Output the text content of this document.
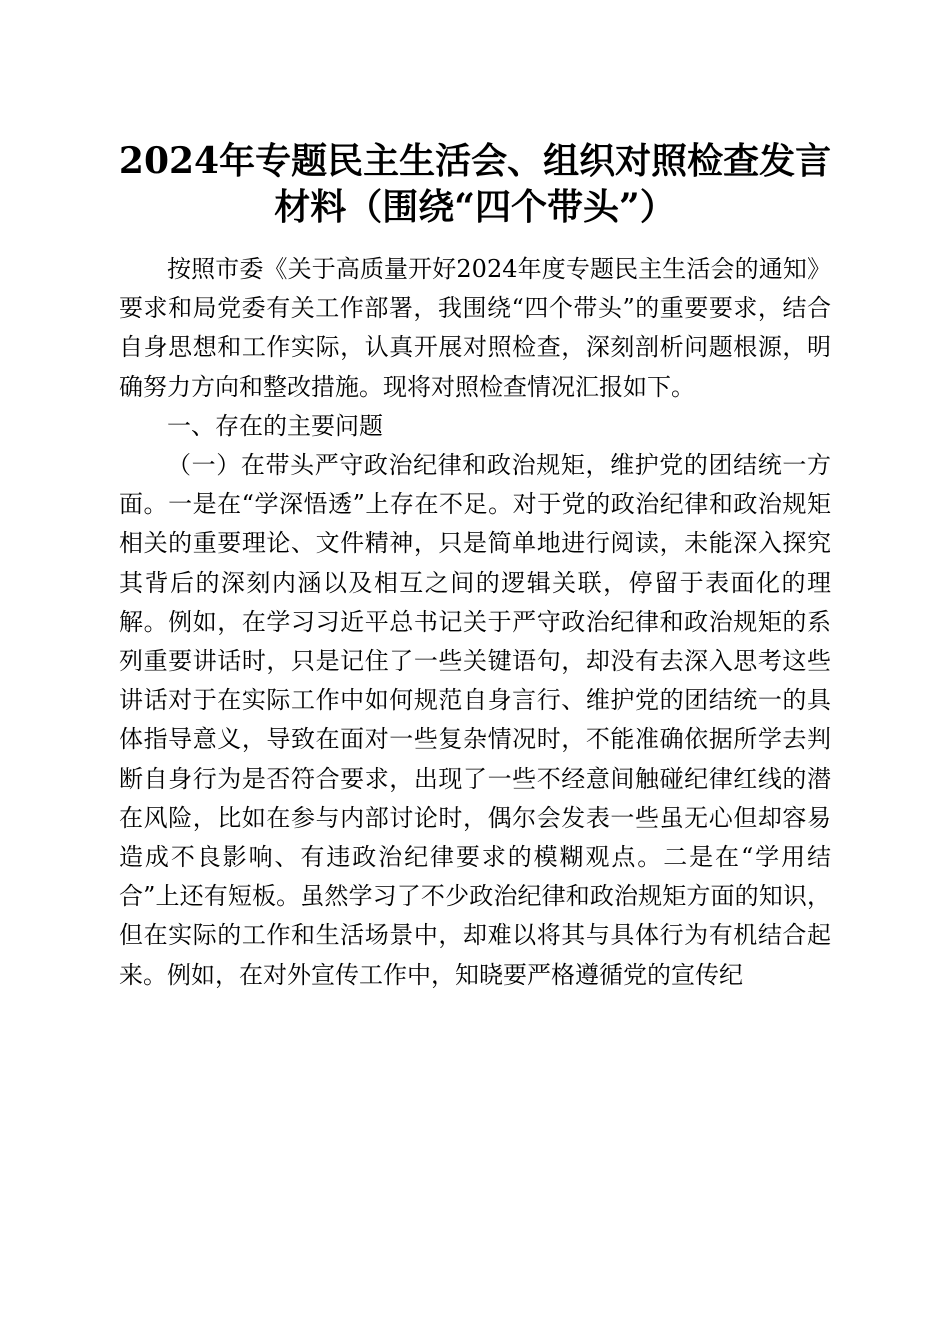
2024年专题民主生活会、组织对照检查发言
材料（围绕“四个带头”）

按照市委《关于高质量开好2024年度专题民主生活会的通知》要求和局党委有关工作部署，我围绕“四个带头”的重要要求，结合自身思想和工作实际，认真开展对照检查，深刻剖析问题根源，明确努力方向和整改措施。现将对照检查情况汇报如下。

一、存在的主要问题

（一）在带头严守政治纪律和政治规矩，维护党的团结统一方面。一是在“学深悟透”上存在不足。对于党的政治纪律和政治规矩相关的重要理论、文件精神，只是简单地进行阅读，未能深入探究其背后的深刻内涵以及相互之间的逻辑关联，停留于表面化的理解。例如，在学习习近平总书记关于严守政治纪律和政治规矩的系列重要讲话时，只是记住了一些关键语句，却没有去深入思考这些讲话对于在实际工作中如何规范自身言行、维护党的团结统一的具体指导意义，导致在面对一些复杂情况时，不能准确依据所学去判断自身行为是否符合要求，出现了一些不经意间触碰纪律红线的潜在风险，比如在参与内部讨论时，偶尔会发表一些虽无心但却容易造成不良影响、有违政治纪律要求的模糊观点。二是在“学用结合”上还有短板。虽然学习了不少政治纪律和政治规矩方面的知识，但在实际的工作和生活场景中，却难以将其与具体行为有机结合起来。例如，在对外宣传工作中，知晓要严格遵循党的宣传纪
